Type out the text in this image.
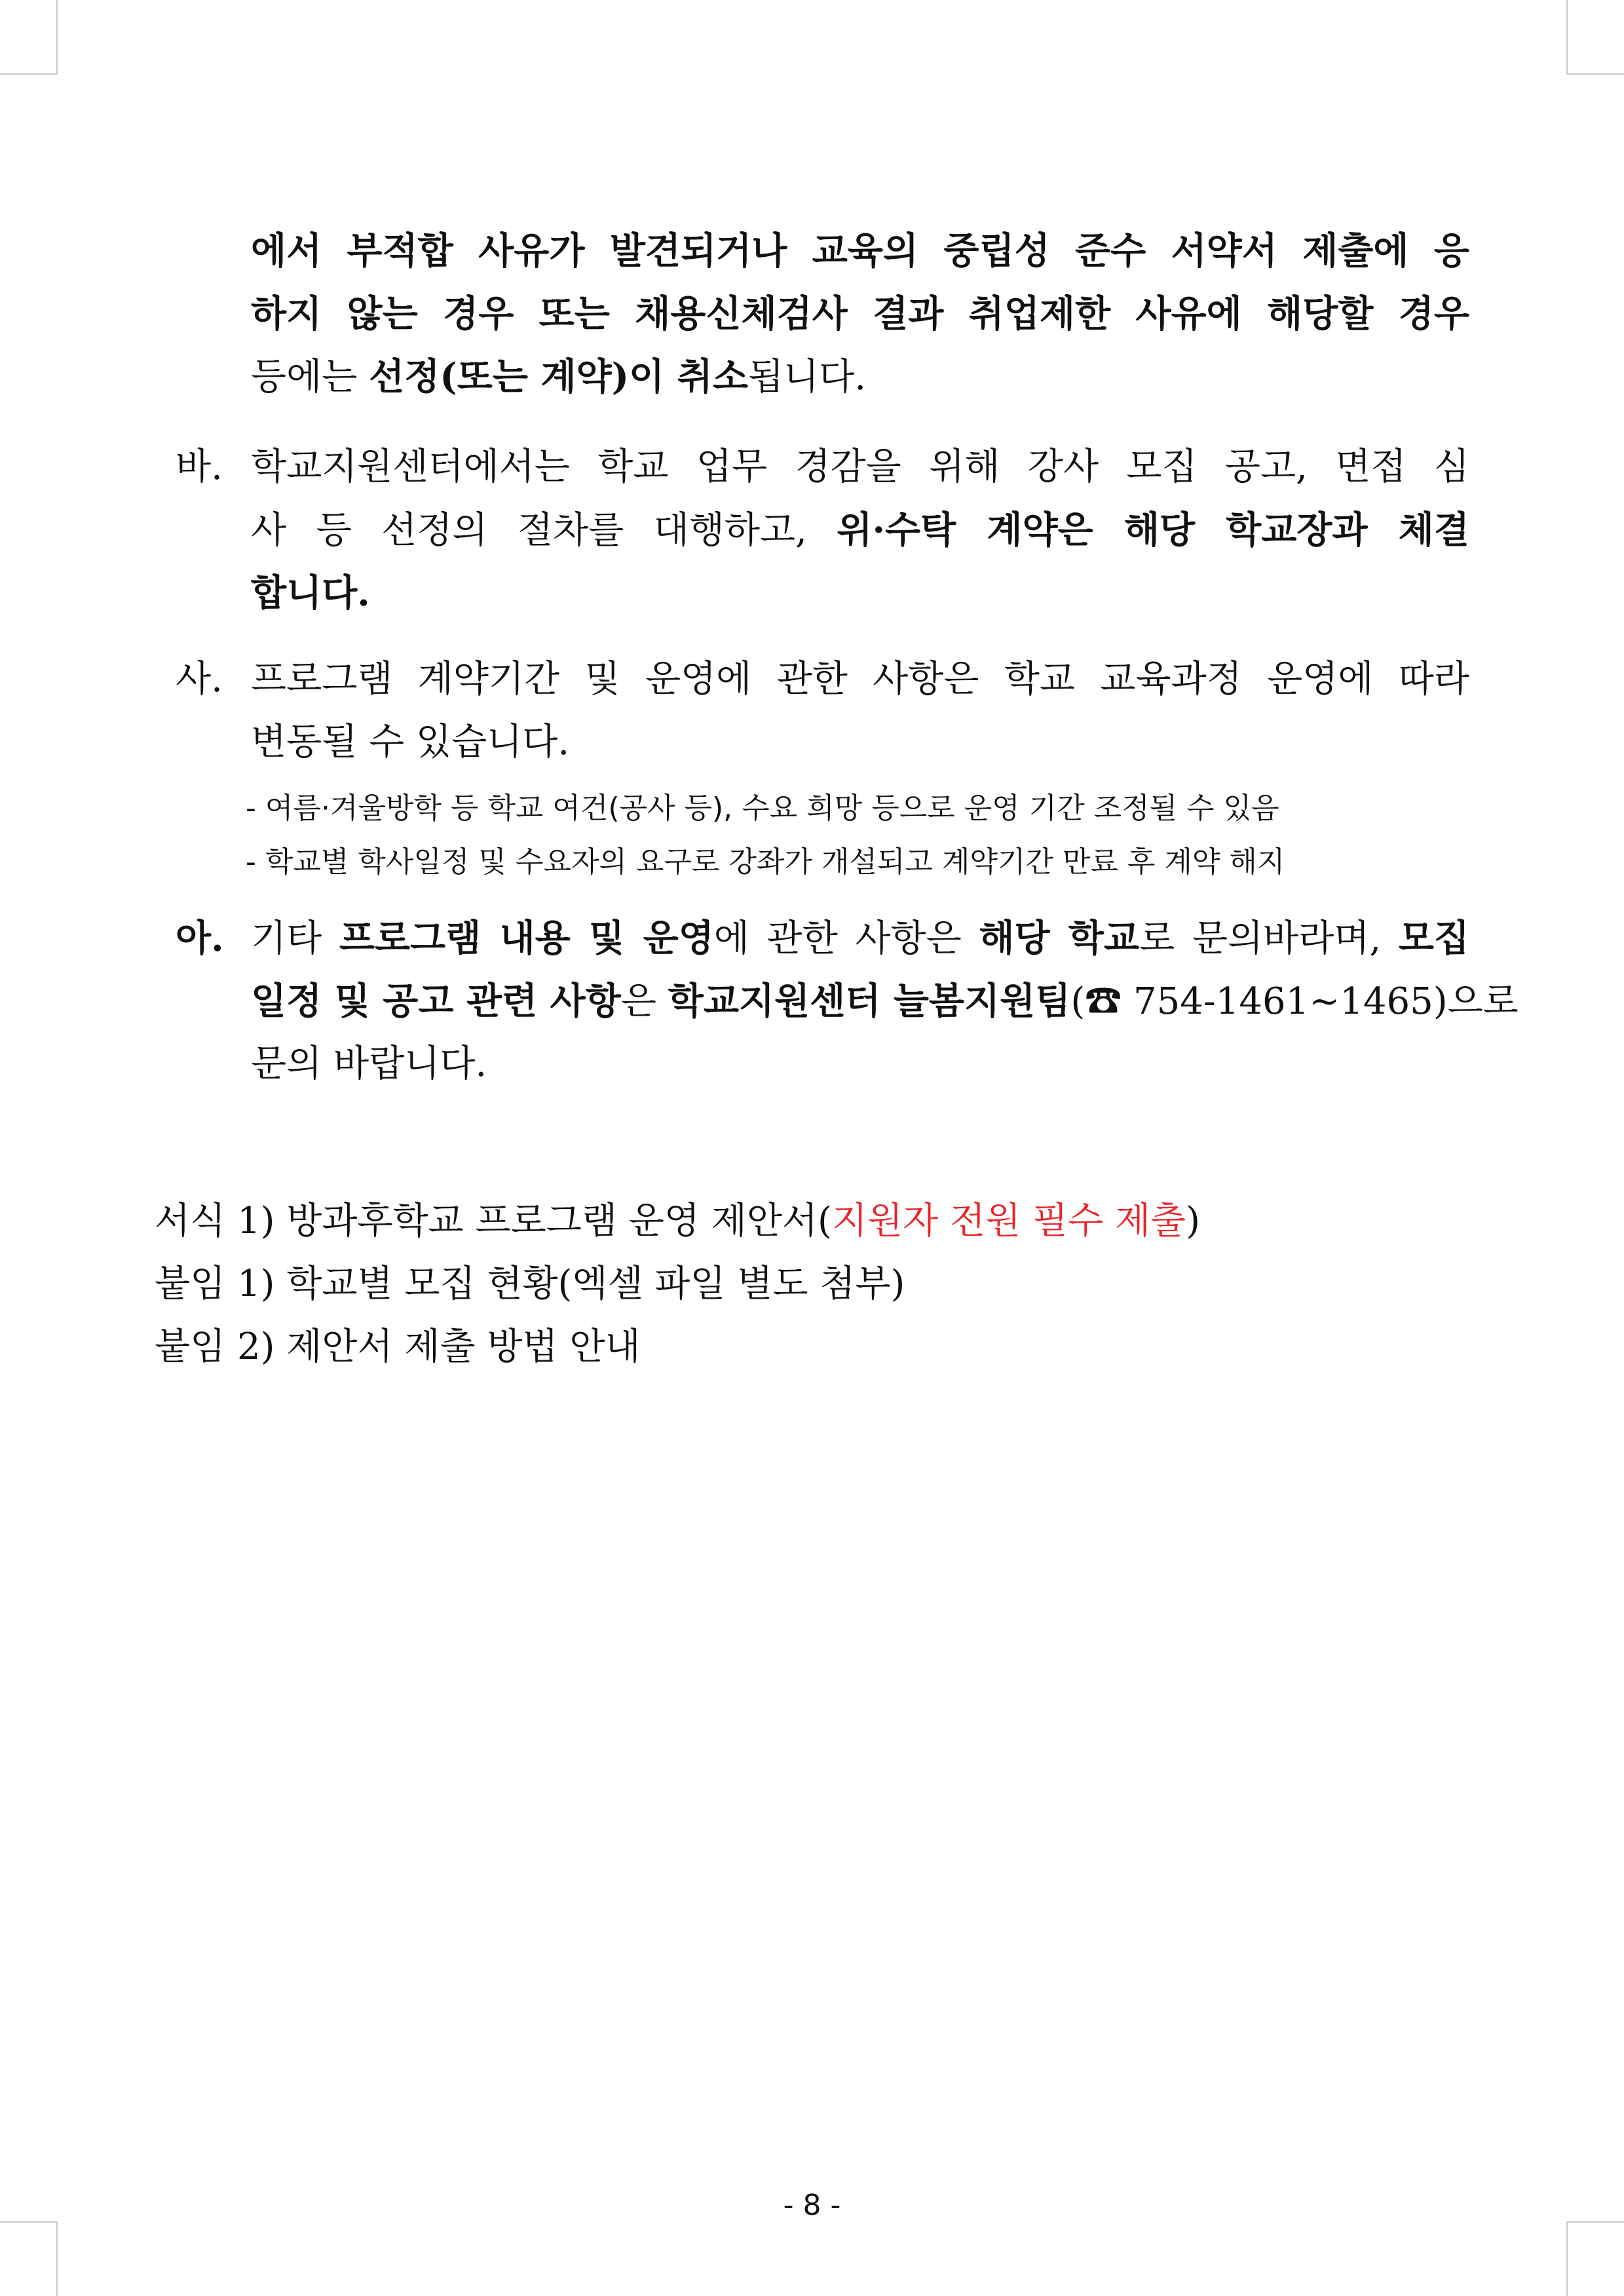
에서 부적합 사유가 발견되거나 교육의 중립성 준수 서약서 제출에 응
하지 않는 경우 또는 채용신체검사 결과 취업제한 사유에 해당할 경우
등에는 선정(또는 계약)이 취소됩니다.
바. 학교지원센터에서는 학교 업무 경감을 위해 강사 모집 공고, 면접 심
사 등 선정의 절차를 대행하고, 위·수탁 계약은 해당 학교장과 체결
합니다.
사. 프로그램 계약기간 및 운영에 관한 사항은 학교 교육과정 운영에 따라
변동될 수 있습니다.
- 여름·겨울방학 등 학교 여건(공사 등), 수요 희망 등으로 운영 기간 조정될 수 있음
- 학교별 학사일정 및 수요자의 요구로 강좌가 개설되고 계약기간 만료 후 계약 해지
아. 기타 프로그램 내용 및 운영에 관한 사항은 해당 학교로 문의바라며, 모집
일정 및 공고 관련 사항은 학교지원센터 늘봄지원팀(☎ 754-1461~1465)으로
문의 바랍니다.
서식 1) 방과후학교 프로그램 운영 제안서(지원자 전원 필수 제출)
붙임 1) 학교별 모집 현황(엑셀 파일 별도 첨부)
붙임 2) 제안서 제출 방법 안내
- 8 -
